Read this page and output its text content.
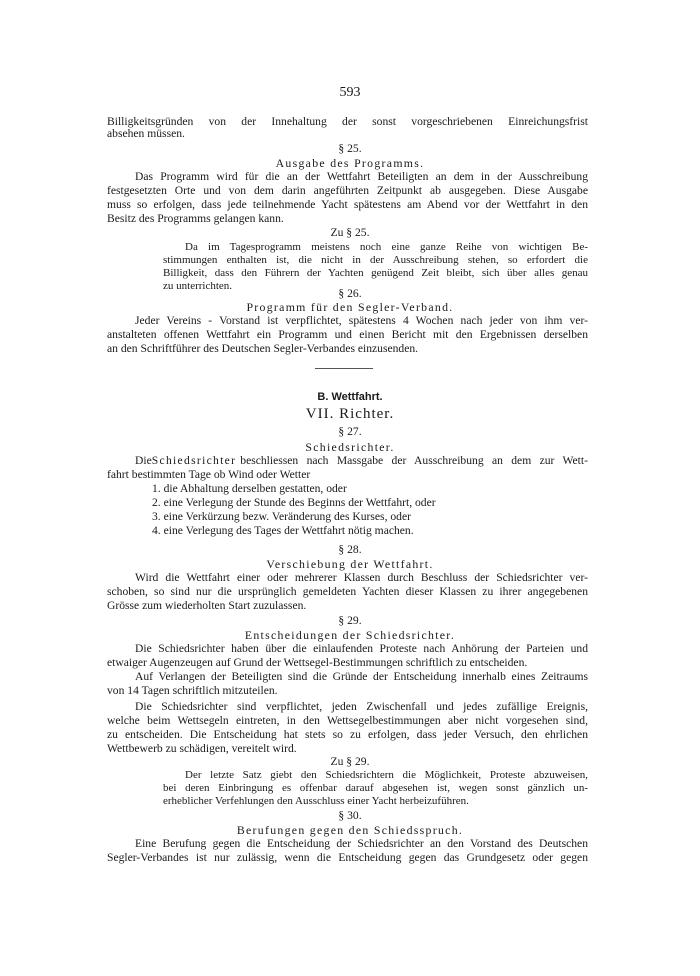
593
Billigkeitsgründen von der Innehaltung der sonst vorgeschriebenen Einreichungsfrist
absehen müssen.
§ 25.
Ausgabe des Programms.
Das Programm wird für die an der Wettfahrt Beteiligten an dem in der Ausschreibung
festgesetzten Orte und von dem darin angeführten Zeitpunkt ab ausgegeben. Diese Ausgabe
muss so erfolgen, dass jede teilnehmende Yacht spätestens am Abend vor der Wettfahrt in den
Besitz des Programms gelangen kann.
Zu § 25.
Da im Tagesprogramm meistens noch eine ganze Reihe von wichtigen Be-
stimmungen enthalten ist, die nicht in der Ausschreibung stehen, so erfordert die
Billigkeit, dass den Führern der Yachten genügend Zeit bleibt, sich über alles genau
zu unterrichten.
§ 26.
Programm für den Segler-Verband.
Jeder Vereins - Vorstand ist verpflichtet, spätestens 4 Wochen nach jeder von ihm ver-
anstalteten offenen Wettfahrt ein Programm und einen Bericht mit den Ergebnissen derselben
an den Schriftführer des Deutschen Segler-Verbandes einzusenden.
B. Wettfahrt.
VII. Richter.
§ 27.
Schiedsrichter.
Die Schiedsrichter beschliessen nach Massgabe der Ausschreibung an dem zur Wett-
fahrt bestimmten Tage ob Wind oder Wetter
1. die Abhaltung derselben gestatten, oder
2. eine Verlegung der Stunde des Beginns der Wettfahrt, oder
3. eine Verkürzung bezw. Veränderung des Kurses, oder
4. eine Verlegung des Tages der Wettfahrt nötig machen.
§ 28.
Verschiebung der Wettfahrt.
Wird die Wettfahrt einer oder mehrerer Klassen durch Beschluss der Schiedsrichter ver-
schoben, so sind nur die ursprünglich gemeldeten Yachten dieser Klassen zu ihrer angegebenen
Grösse zum wiederholten Start zuzulassen.
§ 29.
Entscheidungen der Schiedsrichter.
Die Schiedsrichter haben über die einlaufenden Proteste nach Anhörung der Parteien und
etwaiger Augenzeugen auf Grund der Wettsegel-Bestimmungen schriftlich zu entscheiden.
Auf Verlangen der Beteiligten sind die Gründe der Entscheidung innerhalb eines Zeitraums
von 14 Tagen schriftlich mitzuteilen.
Die Schiedsrichter sind verpflichtet, jeden Zwischenfall und jedes zufällige Ereignis,
welche beim Wettsegeln eintreten, in den Wettsegelbestimmungen aber nicht vorgesehen sind,
zu entscheiden. Die Entscheidung hat stets so zu erfolgen, dass jeder Versuch, den ehrlichen
Wettbewerb zu schädigen, vereitelt wird.
Zu § 29.
Der letzte Satz giebt den Schiedsrichtern die Möglichkeit, Proteste abzuweisen,
bei deren Einbringung es offenbar darauf abgesehen ist, wegen sonst gänzlich un-
erheblicher Verfehlungen den Ausschluss einer Yacht herbeizuführen.
§ 30.
Berufungen gegen den Schiedsspruch.
Eine Berufung gegen die Entscheidung der Schiedsrichter an den Vorstand des Deutschen
Segler-Verbandes ist nur zulässig, wenn die Entscheidung gegen das Grundgesetz oder gegen
